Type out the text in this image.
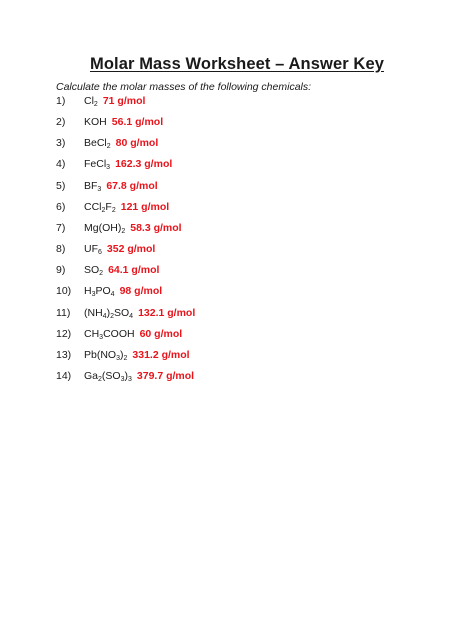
Molar Mass Worksheet – Answer Key
Calculate the molar masses of the following chemicals:
1) $Cl_2$ 71 g/mol
2) KOH 56.1 g/mol
3) BeCl$_2$ 80 g/mol
4) FeCl$_3$ 162.3 g/mol
5) $BF_3$ 67.8 g/mol
6) $CCl_2F_2$ 121 g/mol
7) $Mg(OH)_2$ 58.3 g/mol
8) $UF_6$ 352 g/mol
9) $SO_2$ 64.1 g/mol
10) $H_3PO_4$ 98 g/mol
11) $(NH_4)_2SO_4$ 132.1 g/mol
12) $CH_3COOH$ 60 g/mol
13) $Pb(NO_3)_2$ 331.2 g/mol
14) $Ga_2(SO_3)_3$ 379.7 g/mol
